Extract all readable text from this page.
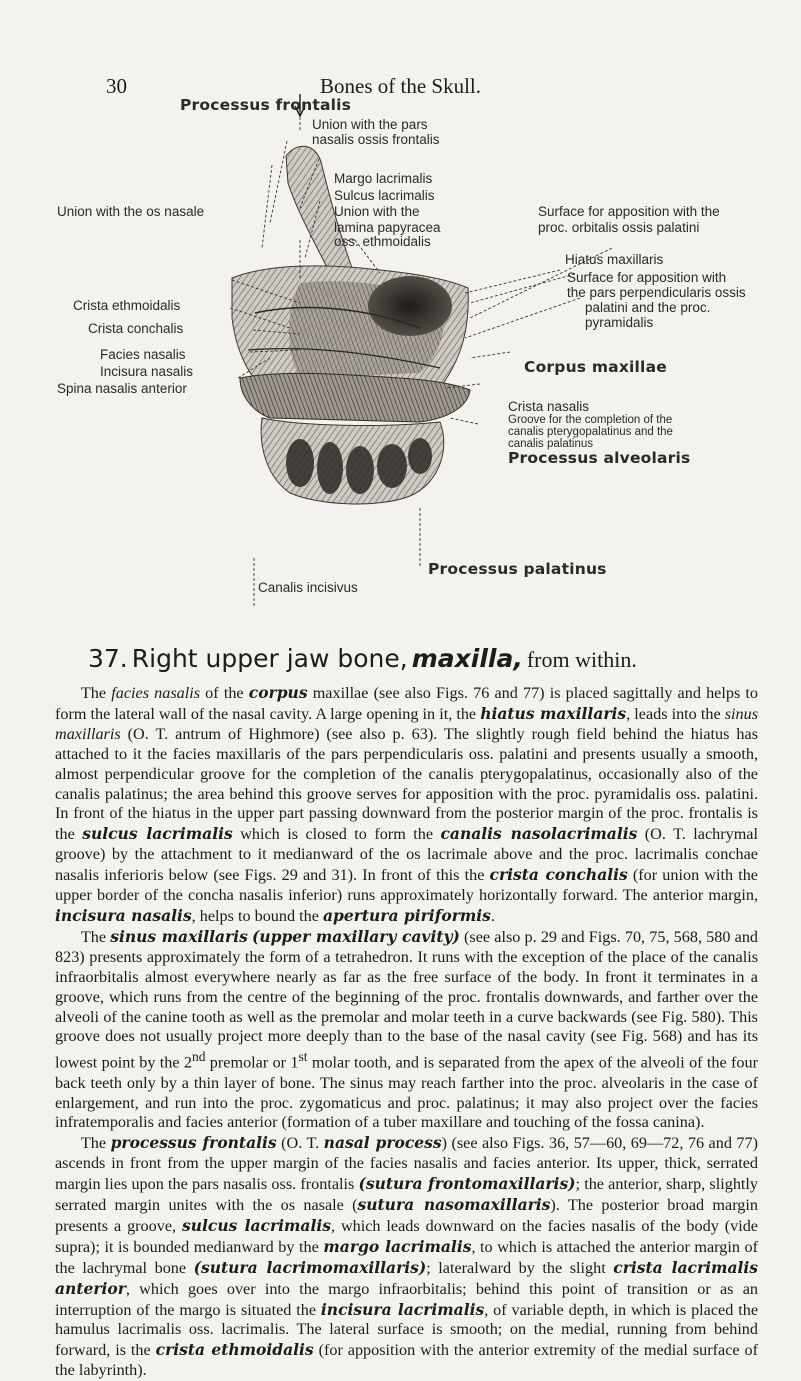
30	Bones of the Skull.
Processus frontalis
Union with the pars
nasalis ossis frontalis
Margo lacrimalis
Sulcus lacrimalis
Union with the
lamina papyracea
oss. ethmoidalis
Union with the os nasale	Surface for apposition with the
proc. orbitalis ossis palatini
Hiatus maxillaris
Surface for apposition with
the pars perpendicularis ossis
palatini and the proc.
pyramidalis
Crista ethmoidalis
Crista conchalis
Facies nasalis
Incisura nasalis
Spina nasalis anterior
Corpus maxillae
Crista nasalis
Groove for the completion of the
canalis pterygopalatinus and the
canalis palatinus
Processus alveolaris
Processus palatinus
Canalis incisivus
37. Right upper jaw bone, maxilla, from within.

The facies nasalis of the corpus maxillae (see also Figs. 76 and 77) is placed sagittally and helps to form the lateral wall of the nasal cavity. A large opening in it, the hiatus maxillaris, leads into the sinus maxillaris (O. T. antrum of Highmore) (see also p. 63). The slightly rough field behind the hiatus has attached to it the facies maxillaris of the pars perpendicularis oss. palatini and presents usually a smooth, almost perpendicular groove for the completion of the canalis pterygopalatinus, occasionally also of the canalis palatinus; the area behind this groove serves for apposition with the proc. pyramidalis oss. palatini. In front of the hiatus in the upper part passing downward from the posterior margin of the proc. frontalis is the sulcus lacrimalis which is closed to form the canalis nasolacrimalis (O. T. lachrymal groove) by the attachment to it medianward of the os lacrimale above and the proc. lacrimalis conchae nasalis inferioris below (see Figs. 29 and 31). In front of this the crista conchalis (for union with the upper border of the concha nasalis inferior) runs approximately horizontally forward. The anterior margin, incisura nasalis, helps to bound the apertura piriformis.

The sinus maxillaris (upper maxillary cavity) (see also p. 29 and Figs. 70, 75, 568, 580 and 823) presents approximately the form of a tetrahedron. It runs with the exception of the place of the canalis infraorbitalis almost everywhere nearly as far as the free surface of the body. In front it terminates in a groove, which runs from the centre of the beginning of the proc. frontalis downwards, and farther over the alveoli of the canine tooth as well as the premolar and molar teeth in a curve backwards (see Fig. 580). This groove does not usually project more deeply than to the base of the nasal cavity (see Fig. 568) and has its lowest point by the 2nd premolar or 1st molar tooth, and is separated from the apex of the alveoli of the four back teeth only by a thin layer of bone. The sinus may reach farther into the proc. alveolaris in the case of enlargement, and run into the proc. zygomaticus and proc. palatinus; it may also project over the facies infratemporalis and facies anterior (formation of a tuber maxillare and touching of the fossa canina).

The processus frontalis (O. T. nasal process) (see also Figs. 36, 57—60, 69—72, 76 and 77) ascends in front from the upper margin of the facies nasalis and facies anterior. Its upper, thick, serrated margin lies upon the pars nasalis oss. frontalis (sutura frontomaxillaris); the anterior, sharp, slightly serrated margin unites with the os nasale (sutura nasomaxillaris). The posterior broad margin presents a groove, sulcus lacrimalis, which leads downward on the facies nasalis of the body (vide supra); it is bounded medianward by the margo lacrimalis, to which is attached the anterior margin of the lachrymal bone (sutura lacrimomaxillaris); lateralward by the slight crista lacrimalis anterior, which goes over into the margo infraorbitalis; behind this point of transition or as an interruption of the margo is situated the incisura lacrimalis, of variable depth, in which is placed the hamulus lacrimalis oss. lacrimalis. The lateral surface is smooth; on the medial, running from behind forward, is the crista ethmoidalis (for apposition with the anterior extremity of the medial surface of the labyrinth).
